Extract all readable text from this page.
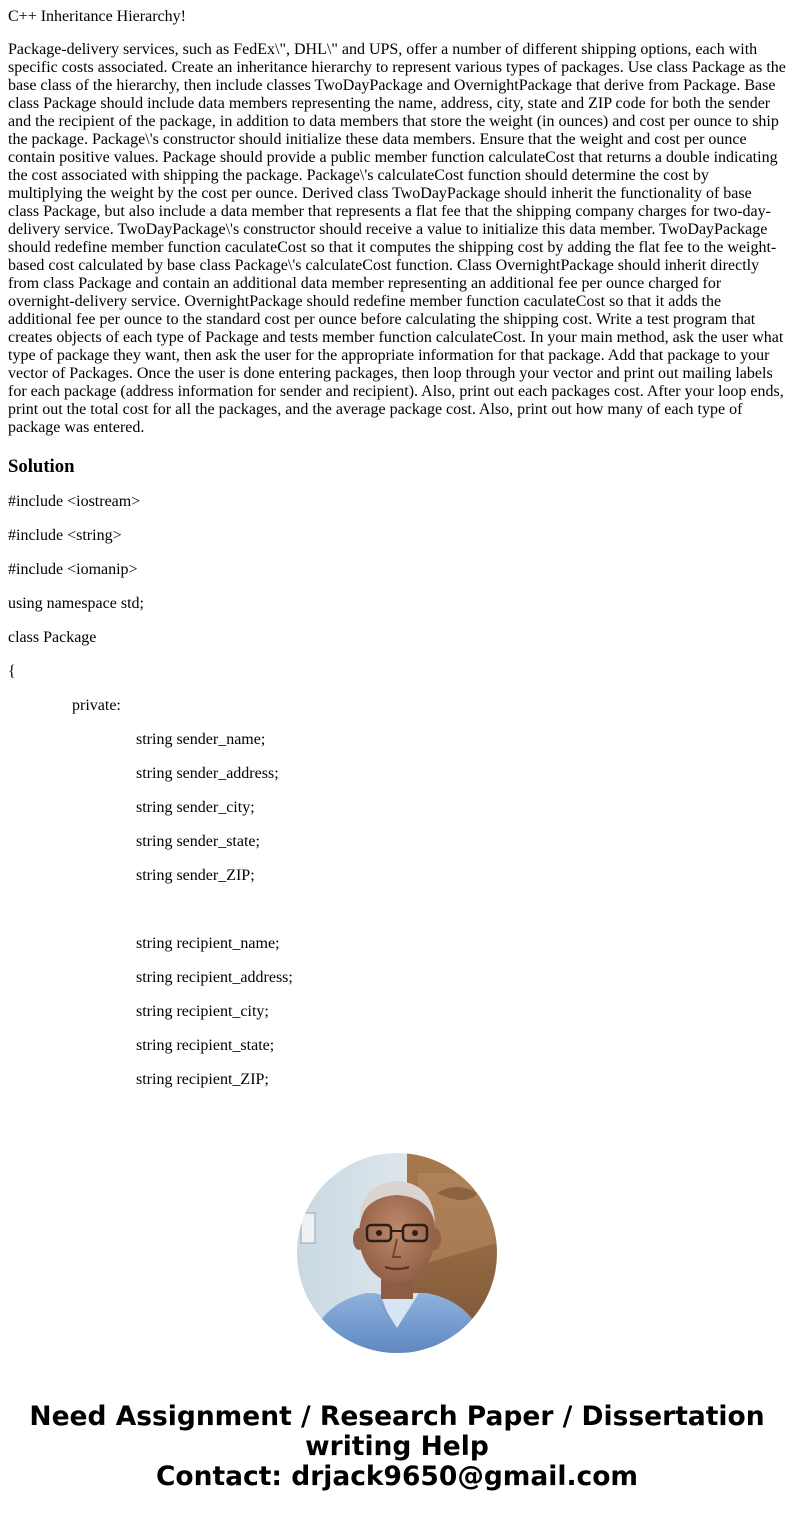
C++ Inheritance Hierarchy!
Package-delivery services, such as FedEx\", DHL\" and UPS, offer a number of different shipping options, each with specific costs associated. Create an inheritance hierarchy to represent various types of packages. Use class Package as the base class of the hierarchy, then include classes TwoDayPackage and OvernightPackage that derive from Package. Base class Package should include data members representing the name, address, city, state and ZIP code for both the sender and the recipient of the package, in addition to data members that store the weight (in ounces) and cost per ounce to ship the package. Package\'s constructor should initialize these data members. Ensure that the weight and cost per ounce contain positive values. Package should provide a public member function calculateCost that returns a double indicating the cost associated with shipping the package. Package\'s calculateCost function should determine the cost by multiplying the weight by the cost per ounce. Derived class TwoDayPackage should inherit the functionality of base class Package, but also include a data member that represents a flat fee that the shipping company charges for two-day-delivery service. TwoDayPackage\'s constructor should receive a value to initialize this data member. TwoDayPackage should redefine member function caculateCost so that it computes the shipping cost by adding the flat fee to the weight-based cost calculated by base class Package\'s calculateCost function. Class OvernightPackage should inherit directly from class Package and contain an additional data member representing an additional fee per ounce charged for overnight-delivery service. OvernightPackage should redefine member function caculateCost so that it adds the additional fee per ounce to the standard cost per ounce before calculating the shipping cost. Write a test program that creates objects of each type of Package and tests member function calculateCost. In your main method, ask the user what type of package they want, then ask the user for the appropriate information for that package. Add that package to your vector of Packages. Once the user is done entering packages, then loop through your vector and print out mailing labels for each package (address information for sender and recipient). Also, print out each packages cost. After your loop ends, print out the total cost for all the packages, and the average package cost. Also, print out how many of each type of package was entered.
Solution
#include <iostream>
#include <string>
#include <iomanip>
using namespace std;
class Package
{
private:
string sender_name;
string sender_address;
string sender_city;
string sender_state;
string sender_ZIP;
string recipient_name;
string recipient_address;
string recipient_city;
string recipient_state;
string recipient_ZIP;
Need Assignment / Research Paper / Dissertation
writing Help
Contact: drjack9650@gmail.com
